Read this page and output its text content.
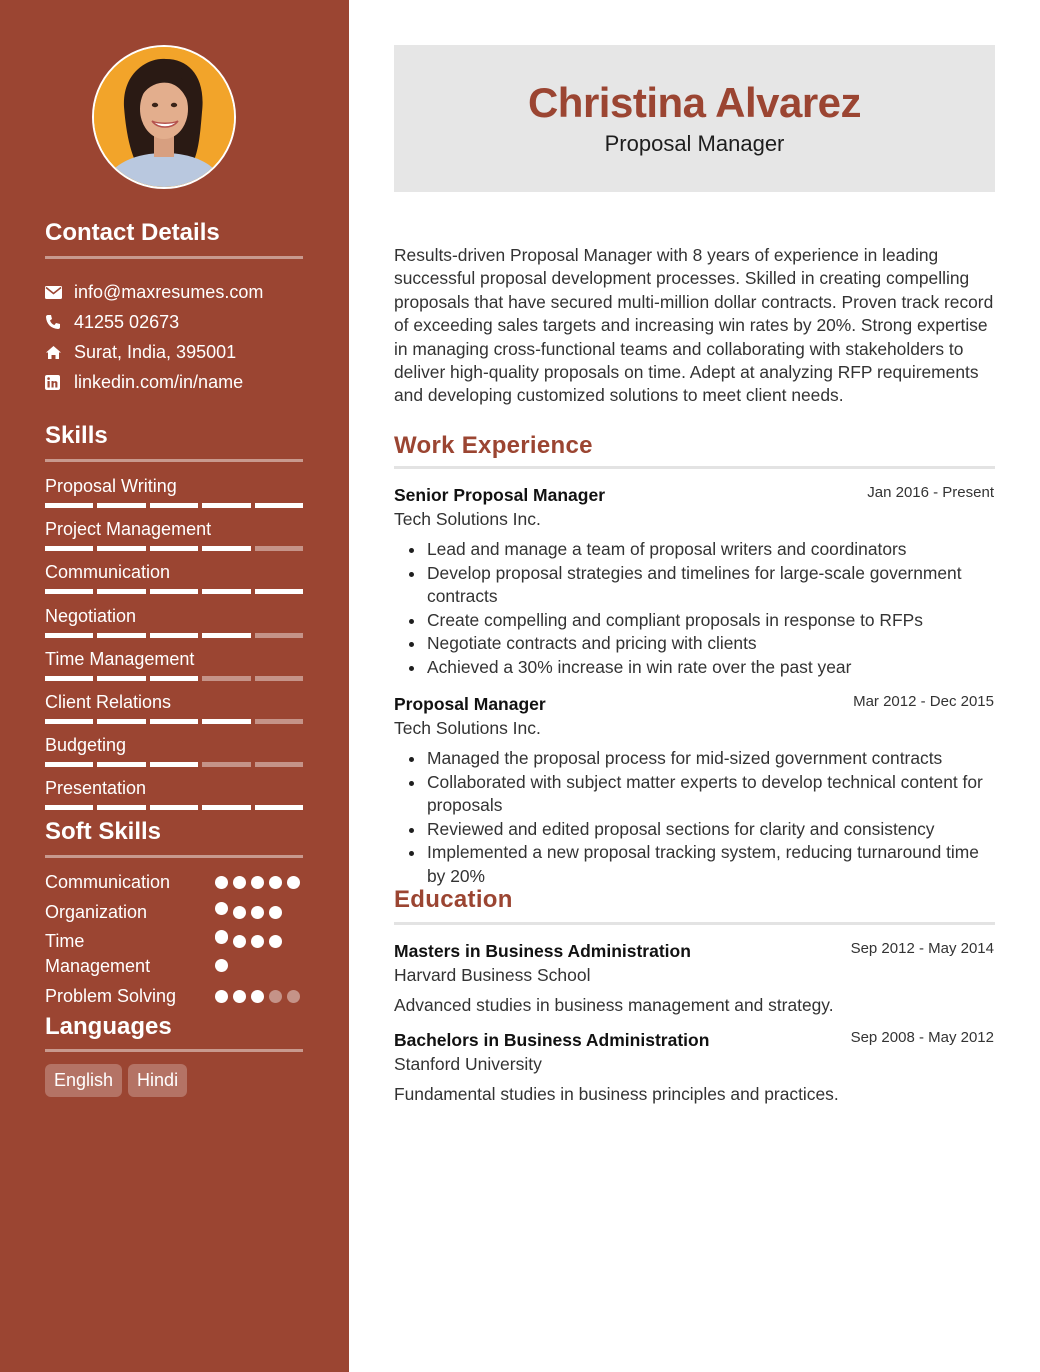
Contact Details
info@maxresumes.com
41255 02673
Surat, India, 395001
linkedin.com/in/name
Skills
Proposal Writing
Project Management
Communication
Negotiation
Time Management
Client Relations
Budgeting
Presentation
Soft Skills
Communication
Organization
Time Management
Problem Solving
Languages
English	Hindi
Christina Alvarez
Proposal Manager
Results-driven Proposal Manager with 8 years of experience in leading successful proposal development processes. Skilled in creating compelling proposals that have secured multi-million dollar contracts. Proven track record of exceeding sales targets and increasing win rates by 20%. Strong expertise in managing cross-functional teams and collaborating with stakeholders to deliver high-quality proposals on time. Adept at analyzing RFP requirements and developing customized solutions to meet client needs.
Work Experience
Senior Proposal Manager	Jan 2016 - Present
Tech Solutions Inc.
Lead and manage a team of proposal writers and coordinators
Develop proposal strategies and timelines for large-scale government contracts
Create compelling and compliant proposals in response to RFPs
Negotiate contracts and pricing with clients
Achieved a 30% increase in win rate over the past year
Proposal Manager	Mar 2012 - Dec 2015
Tech Solutions Inc.
Managed the proposal process for mid-sized government contracts
Collaborated with subject matter experts to develop technical content for proposals
Reviewed and edited proposal sections for clarity and consistency
Implemented a new proposal tracking system, reducing turnaround time by 20%
Education
Masters in Business Administration	Sep 2012 - May 2014
Harvard Business School
Advanced studies in business management and strategy.
Bachelors in Business Administration	Sep 2008 - May 2012
Stanford University
Fundamental studies in business principles and practices.
